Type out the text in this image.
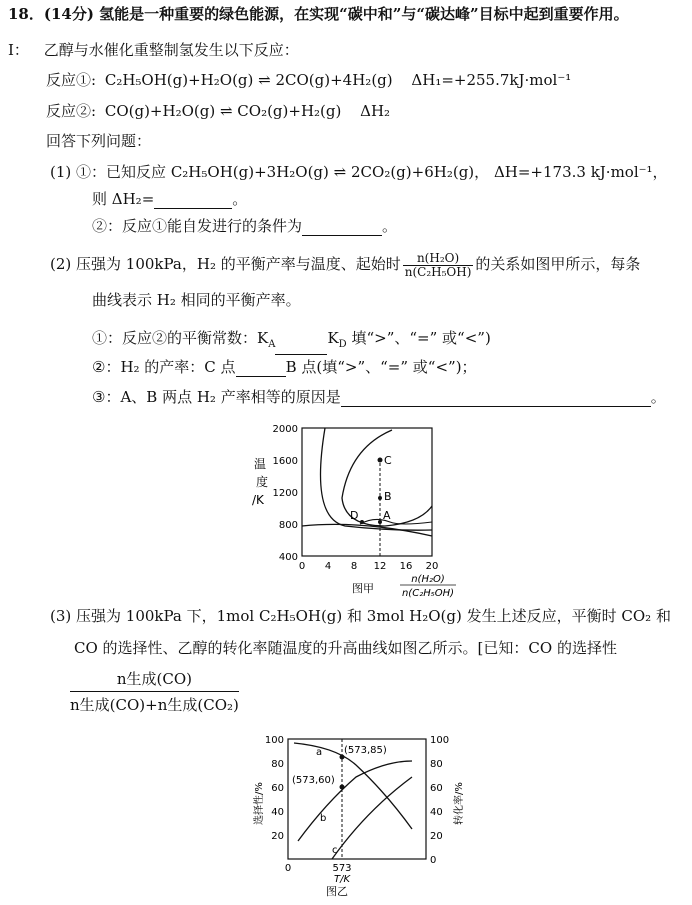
18．(14分) 氢能是一种重要的绿色能源，在实现“碳中和”与“碳达峰”目标中起到重要作用。
I： 乙醇与水催化重整制氢发生以下反应：
反应①: C₂H₅OH(g)+H₂O(g) ⇌ 2CO(g)+4H₂(g) ΔH₁=+255.7kJ·mol⁻¹
反应②: CO(g)+H₂O(g) ⇌ CO₂(g)+H₂(g) ΔH₂
回答下列问题：
(1) ①：已知反应 C₂H₅OH(g)+3H₂O(g) ⇌ 2CO₂(g)+6H₂(g)， ΔH=+173.3 kJ·mol⁻¹，
则 ΔH₂=	。
②：反应①能自发进行的条件为	。
(2) 压强为 100kPa，H₂ 的平衡产率与温度、起始时 $\frac{\text{n(H₂O)}}{\text{n(C₂H₅OH)}}$ 的关系如图甲所示，每条
曲线表示 H₂ 相同的平衡产率。
①：反应②的平衡常数：$K_A$	$K_D$ 填“>”、“=” 或“<”)
②：H₂ 的产率：C 点	B 点(填“>”、“=” 或“<”)；
③：A、B 两点 H₂ 产率相等的原因是	。
温
度
/K
2000
1600
1200
800
400
0 4 8 12 16 20
C
B
D A
图甲
n(H₂O)
n(C₂H₅OH)
(3) 压强为 100kPa 下，1mol C₂H₅OH(g) 和 3mol H₂O(g) 发生上述反应，平衡时 CO₂ 和
CO 的选择性、乙醇的转化率随温度的升高曲线如图乙所示。[已知：CO 的选择性
n生成(CO)
n生成(CO)+n生成(CO₂)
选择性/%	转化率/%
100
80
60
40
20
100
80
60
40
20
0
0	573
T/K
图乙
a
b
c
(573,85)
(573,60)
